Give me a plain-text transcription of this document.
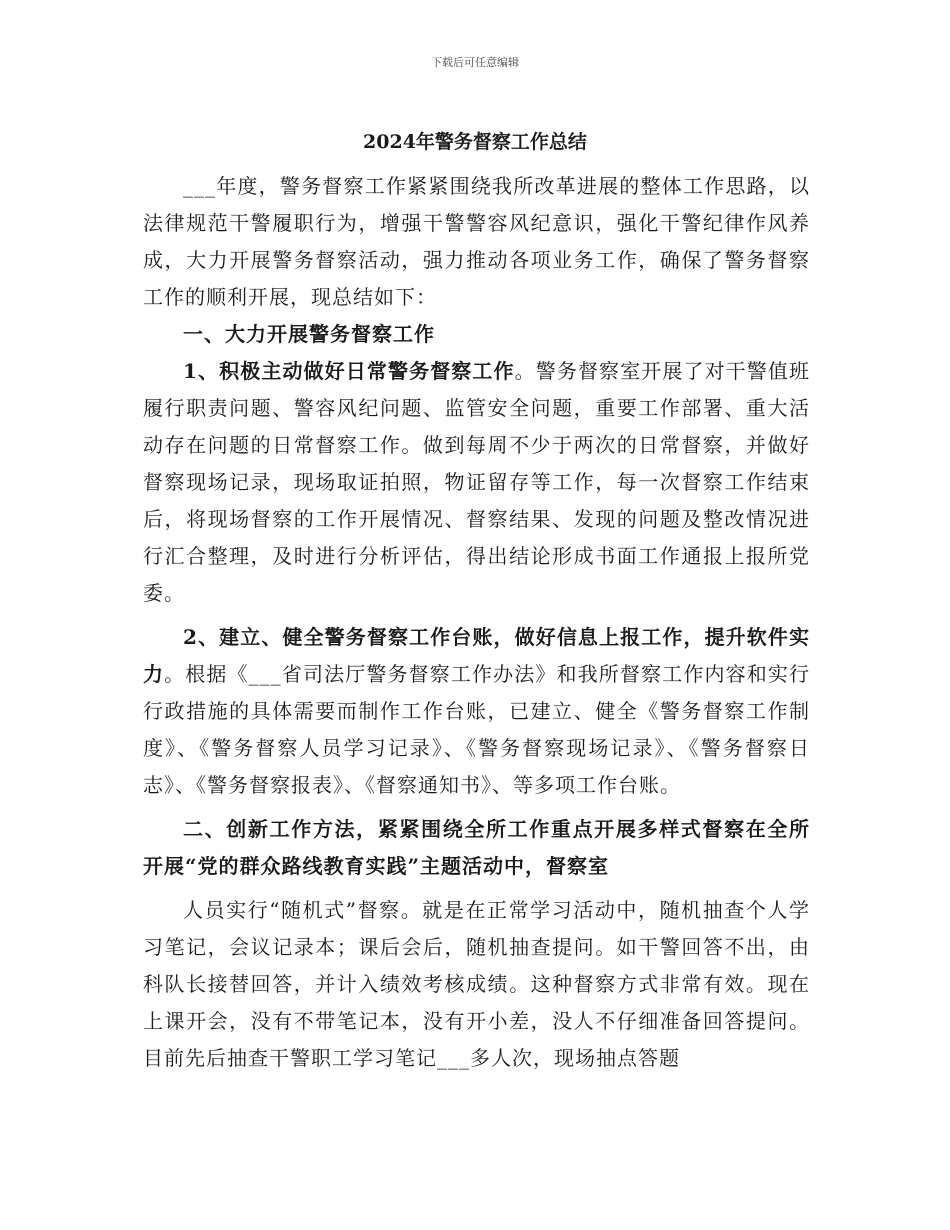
下载后可任意编辑
2024年警务督察工作总结

___年度，警务督察工作紧紧围绕我所改革进展的整体工作思路，以法律规范干警履职行为，增强干警警容风纪意识，强化干警纪律作风养成，大力开展警务督察活动，强力推动各项业务工作，确保了警务督察工作的顺利开展，现总结如下：

一、大力开展警务督察工作

1、积极主动做好日常警务督察工作。警务督察室开展了对干警值班履行职责问题、警容风纪问题、监管安全问题，重要工作部署、重大活动存在问题的日常督察工作。做到每周不少于两次的日常督察，并做好督察现场记录，现场取证拍照，物证留存等工作，每一次督察工作结束后，将现场督察的工作开展情况、督察结果、发现的问题及整改情况进行汇合整理，及时进行分析评估，得出结论形成书面工作通报上报所党委。

2、建立、健全警务督察工作台账，做好信息上报工作，提升软件实力。根据《___省司法厅警务督察工作办法》和我所督察工作内容和实行行政措施的具体需要而制作工作台账，已建立、健全《警务督察工作制度》、《警务督察人员学习记录》、《警务督察现场记录》、《警务督察日志》、《警务督察报表》、《督察通知书》、等多项工作台账。

二、创新工作方法，紧紧围绕全所工作重点开展多样式督察在全所开展“党的群众路线教育实践”主题活动中，督察室

人员实行“随机式”督察。就是在正常学习活动中，随机抽查个人学习笔记，会议记录本；课后会后，随机抽查提问。如干警回答不出，由科队长接替回答，并计入绩效考核成绩。这种督察方式非常有效。现在上课开会，没有不带笔记本，没有开小差，没人不仔细准备回答提问。目前先后抽查干警职工学习笔记___多人次，现场抽点答题
